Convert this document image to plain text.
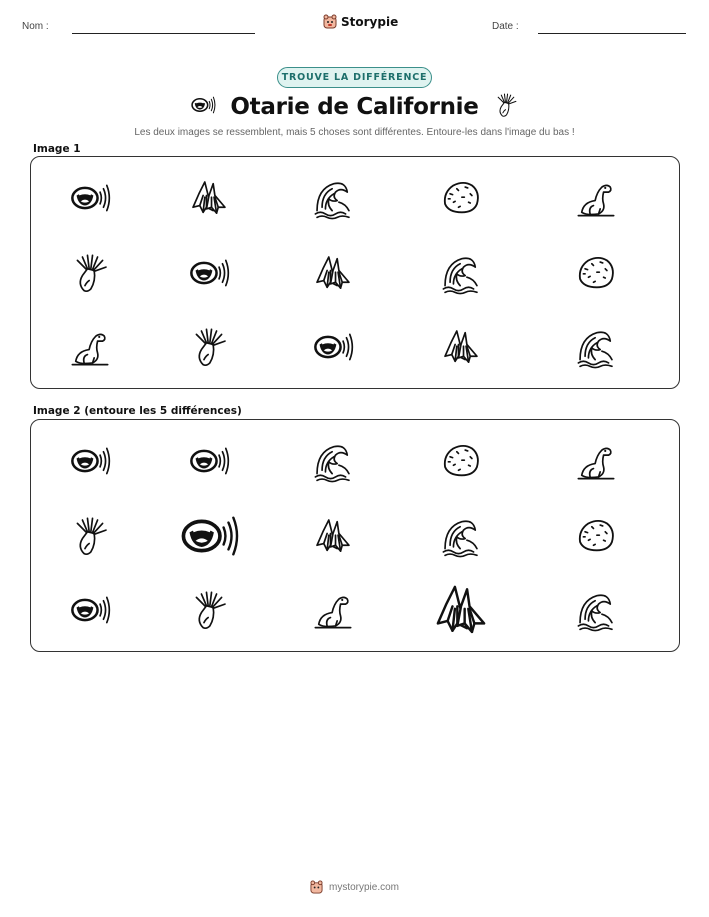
Nom :	Storypie	Date :
TROUVE LA DIFFÉRENCE
Otarie de Californie
Les deux images se ressemblent, mais 5 choses sont différentes. Entoure-les dans l'image du bas !
Image 1
Image 2 (entoure les 5 différences)
mystorypie.com
